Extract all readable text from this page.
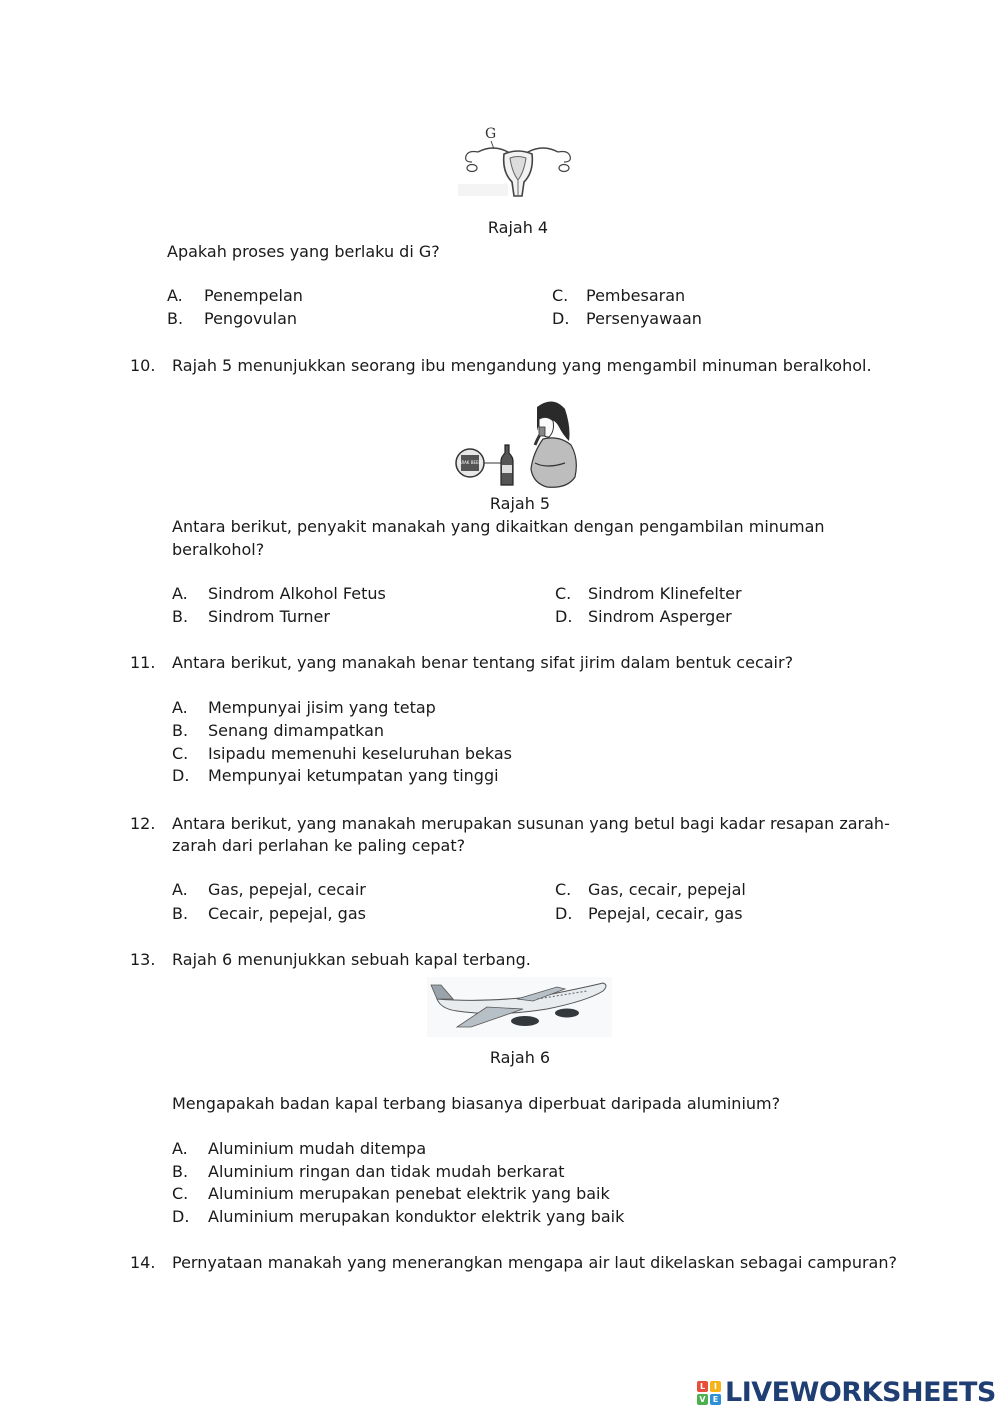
G
Rajah 4
Apakah proses yang berlaku di G?
A. Penempelan
B. Pengovulan
C. Pembesaran
D. Persenyawaan
10. Rajah 5 menunjukkan seorang ibu mengandung yang mengambil minuman beralkohol.
ARAK BEER
Rajah 5
Antara berikut, penyakit manakah yang dikaitkan dengan pengambilan minuman
beralkohol?
A. Sindrom Alkohol Fetus
B. Sindrom Turner
C. Sindrom Klinefelter
D. Sindrom Asperger
11. Antara berikut, yang manakah benar tentang sifat jirim dalam bentuk cecair?
A. Mempunyai jisim yang tetap
B. Senang dimampatkan
C. Isipadu memenuhi keseluruhan bekas
D. Mempunyai ketumpatan yang tinggi
12. Antara berikut, yang manakah merupakan susunan yang betul bagi kadar resapan zarah-
zarah dari perlahan ke paling cepat?
A. Gas, pepejal, cecair
B. Cecair, pepejal, gas
C. Gas, cecair, pepejal
D. Pepejal, cecair, gas
13. Rajah 6 menunjukkan sebuah kapal terbang.
Rajah 6
Mengapakah badan kapal terbang biasanya diperbuat daripada aluminium?
A. Aluminium mudah ditempa
B. Aluminium ringan dan tidak mudah berkarat
C. Aluminium merupakan penebat elektrik yang baik
D. Aluminium merupakan konduktor elektrik yang baik
14. Pernyataan manakah yang menerangkan mengapa air laut dikelaskan sebagai campuran?
L	I
V E LIVEWORKSHEETS
